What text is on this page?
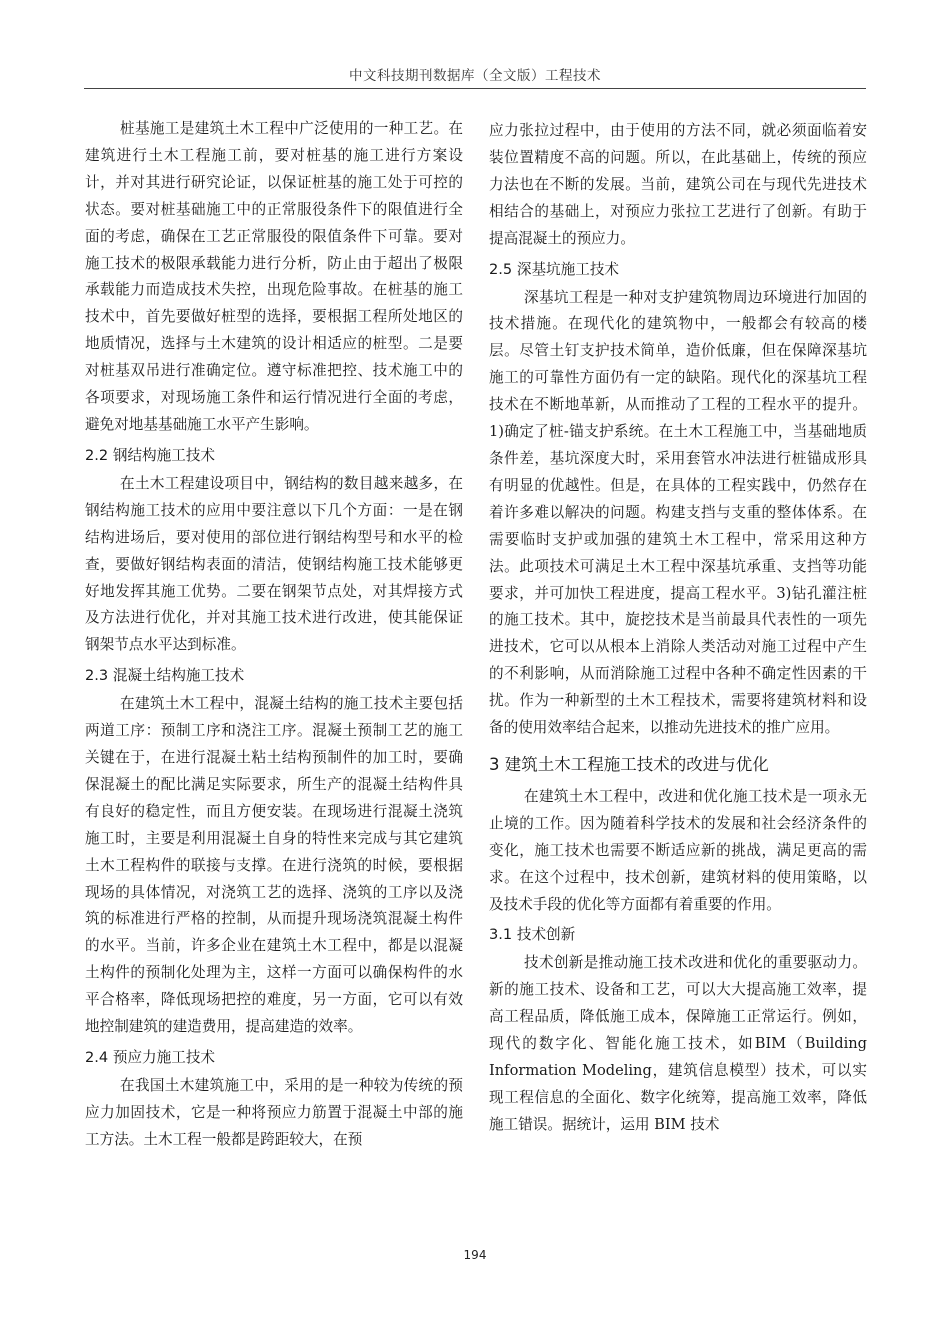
中文科技期刊数据库（全文版）工程技术

桩基施工是建筑土木工程中广泛使用的一种工艺。在建筑进行土木工程施工前，要对桩基的施工进行方案设计，并对其进行研究论证，以保证桩基的施工处于可控的状态。要对桩基础施工中的正常服役条件下的限值进行全面的考虑，确保在工艺正常服役的限值条件下可靠。要对施工技术的极限承载能力进行分析，防止由于超出了极限承载能力而造成技术失控，出现危险事故。在桩基的施工技术中，首先要做好桩型的选择，要根据工程所处地区的地质情况，选择与土木建筑的设计相适应的桩型。二是要对桩基双吊进行准确定位。遵守标准把控、技术施工中的各项要求，对现场施工条件和运行情况进行全面的考虑，避免对地基基础施工水平产生影响。

2.2 钢结构施工技术

在土木工程建设项目中，钢结构的数目越来越多，在钢结构施工技术的应用中要注意以下几个方面：一是在钢结构进场后，要对使用的部位进行钢结构型号和水平的检查，要做好钢结构表面的清洁，使钢结构施工技术能够更好地发挥其施工优势。二要在钢架节点处，对其焊接方式及方法进行优化，并对其施工技术进行改进，使其能保证钢架节点水平达到标准。

2.3 混凝土结构施工技术

在建筑土木工程中，混凝土结构的施工技术主要包括两道工序：预制工序和浇注工序。混凝土预制工艺的施工关键在于，在进行混凝土粘土结构预制件的加工时，要确保混凝土的配比满足实际要求，所生产的混凝土结构件具有良好的稳定性，而且方便安装。在现场进行混凝土浇筑施工时，主要是利用混凝土自身的特性来完成与其它建筑土木工程构件的联接与支撑。在进行浇筑的时候，要根据现场的具体情况，对浇筑工艺的选择、浇筑的工序以及浇筑的标准进行严格的控制，从而提升现场浇筑混凝土构件的水平。当前，许多企业在建筑土木工程中，都是以混凝土构件的预制化处理为主，这样一方面可以确保构件的水平合格率，降低现场把控的难度，另一方面，它可以有效地控制建筑的建造费用，提高建造的效率。

2.4 预应力施工技术

在我国土木建筑施工中，采用的是一种较为传统的预应力加固技术，它是一种将预应力筋置于混凝土中部的施工方法。土木工程一般都是跨距较大，在预

应力张拉过程中，由于使用的方法不同，就必须面临着安装位置精度不高的问题。所以，在此基础上，传统的预应力法也在不断的发展。当前，建筑公司在与现代先进技术相结合的基础上，对预应力张拉工艺进行了创新。有助于提高混凝土的预应力。

2.5 深基坑施工技术

深基坑工程是一种对支护建筑物周边环境进行加固的技术措施。在现代化的建筑物中，一般都会有较高的楼层。尽管土钉支护技术简单，造价低廉，但在保障深基坑施工的可靠性方面仍有一定的缺陷。现代化的深基坑工程技术在不断地革新，从而推动了工程的工程水平的提升。1)确定了桩-锚支护系统。在土木工程施工中，当基础地质条件差，基坑深度大时，采用套管水冲法进行桩锚成形具有明显的优越性。但是，在具体的工程实践中，仍然存在着许多难以解决的问题。构建支挡与支重的整体体系。在需要临时支护或加强的建筑土木工程中，常采用这种方法。此项技术可满足土木工程中深基坑承重、支挡等功能要求，并可加快工程进度，提高工程水平。3)钻孔灌注桩的施工技术。其中，旋挖技术是当前最具代表性的一项先进技术，它可以从根本上消除人类活动对施工过程中产生的不利影响，从而消除施工过程中各种不确定性因素的干扰。作为一种新型的土木工程技术，需要将建筑材料和设备的使用效率结合起来，以推动先进技术的推广应用。

3 建筑土木工程施工技术的改进与优化

在建筑土木工程中，改进和优化施工技术是一项永无止境的工作。因为随着科学技术的发展和社会经济条件的变化，施工技术也需要不断适应新的挑战，满足更高的需求。在这个过程中，技术创新，建筑材料的使用策略，以及技术手段的优化等方面都有着重要的作用。

3.1 技术创新

技术创新是推动施工技术改进和优化的重要驱动力。新的施工技术、设备和工艺，可以大大提高施工效率，提高工程品质，降低施工成本，保障施工正常运行。例如，现代的数字化、智能化施工技术，如BIM（Building Information Modeling，建筑信息模型）技术，可以实现工程信息的全面化、数字化统筹，提高施工效率，降低施工错误。据统计，运用 BIM 技术

194
